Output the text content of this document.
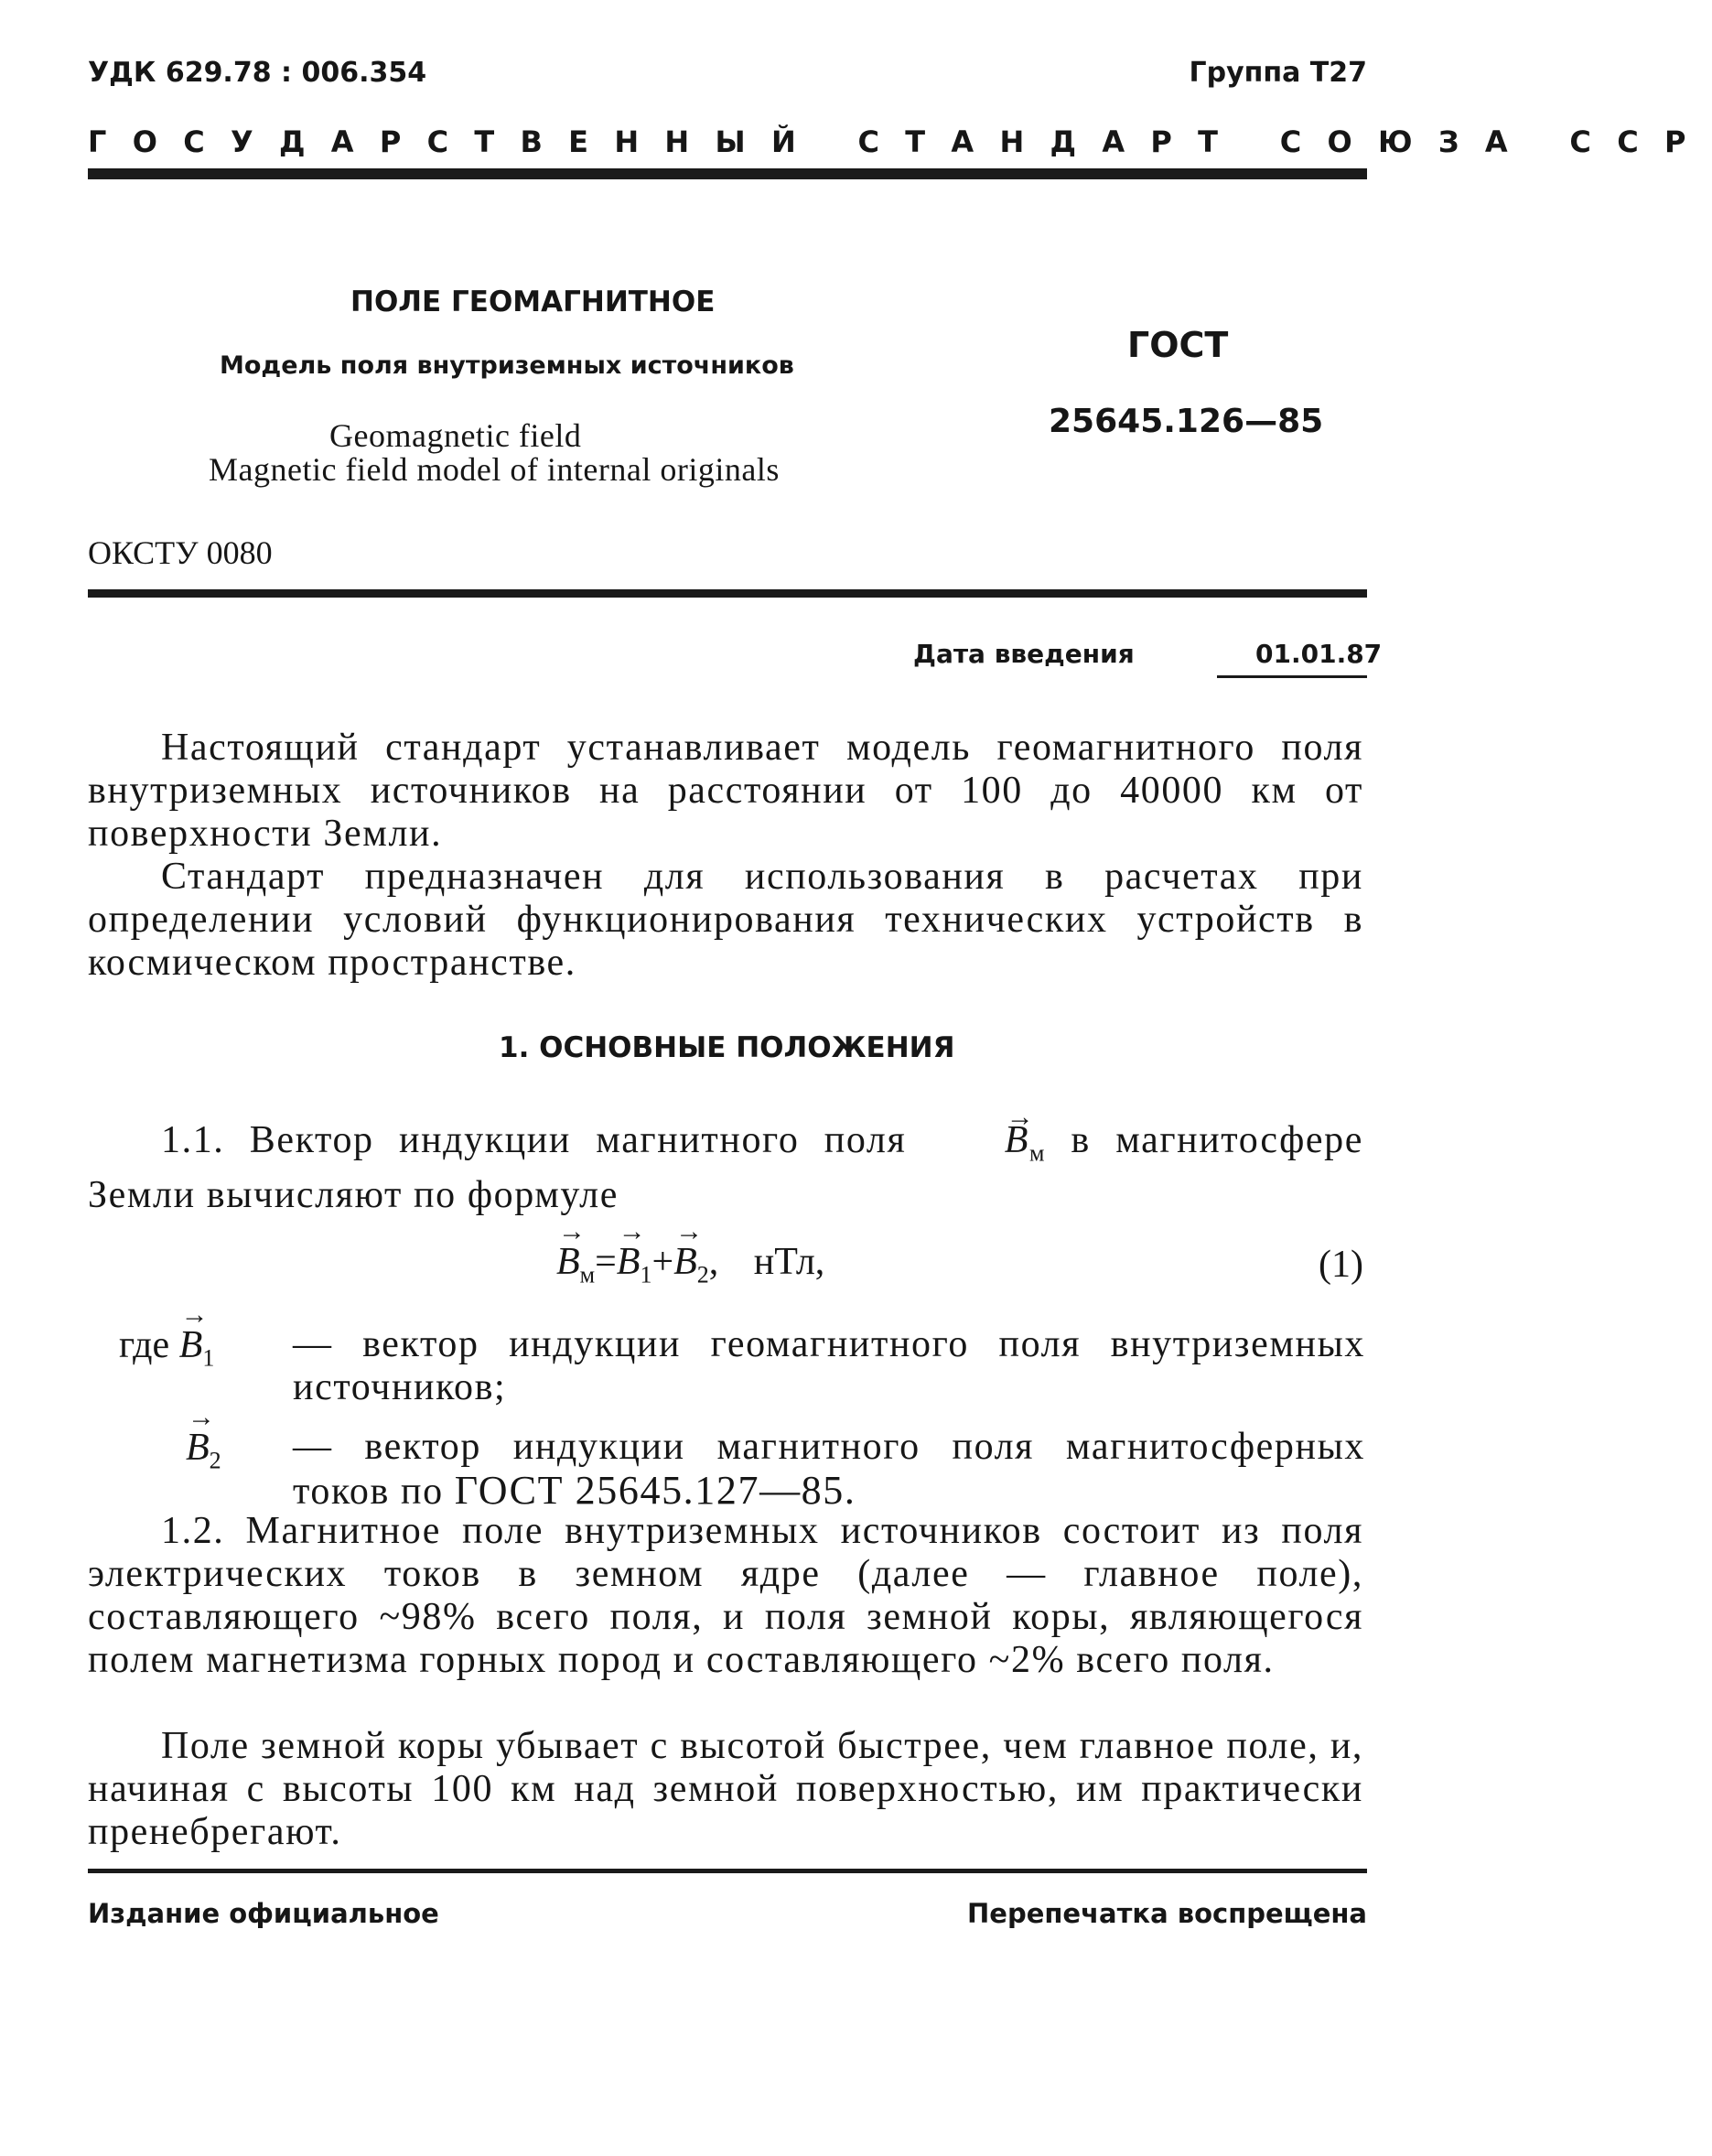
УДК 629.78 : 006.354	Группа Т27
ГОСУДАРСТВЕННЫЙ СТАНДАРТ СОЮЗА ССР
ПОЛЕ ГЕОМАГНИТНОЕ
Модель поля внутриземных источников
Geomagnetic field
Magnetic field model of internal originals
ГОСТ
25645.126—85
ОКСТУ 0080
Дата введения	01.01.87
Настоящий стандарт устанавливает модель геомагнитного поля внутриземных источников на расстоянии от 100 до 40000 км от поверхности Земли.
Стандарт предназначен для использования в расчетах при определении условий функционирования технических устройств в космическом пространстве.
1. ОСНОВНЫЕ ПОЛОЖЕНИЯ
1.1. Вектор индукции магнитного поля	→ $B_м$ в магнитосфере Земли вычисляют по формуле
→ $B_м=\to B_1+\to B_2$, нТл,	(1)
где → $B_1$ — вектор индукции геомагнитного поля внутриземных источников;
→ $B_2$ — вектор индукции магнитного поля магнитосферных токов по ГОСТ 25645.127—85.
1.2. Магнитное поле внутриземных источников состоит из поля электрических токов в земном ядре (далее — главное поле), составляющего ~98% всего поля, и поля земной коры, являющегося полем магнетизма горных пород и составляющего ~2% всего поля.
Поле земной коры убывает с высотой быстрее, чем главное поле, и, начиная с высоты 100 км над земной поверхностью, им практически пренебрегают.
Издание официальное	Перепечатка воспрещена
